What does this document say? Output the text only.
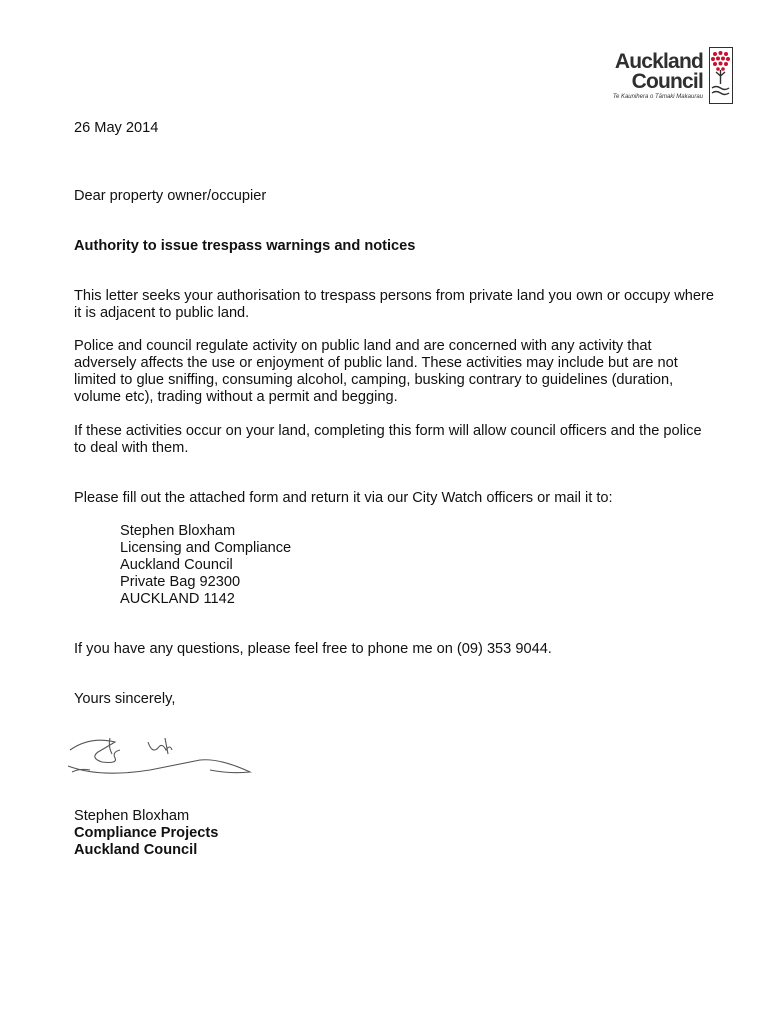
Auckland
Council
Te Kaunihera o Tāmaki Makaurau
26 May 2014
Dear property owner/occupier
Authority to issue trespass warnings and notices
This letter seeks your authorisation to trespass persons from private land you own or occupy where it is adjacent to public land.
Police and council regulate activity on public land and are concerned with any activity that adversely affects the use or enjoyment of public land. These activities may include but are not limited to glue sniffing, consuming alcohol, camping, busking contrary to guidelines (duration, volume etc), trading without a permit and begging.
If these activities occur on your land, completing this form will allow council officers and the police to deal with them.
Please fill out the attached form and return it via our City Watch officers or mail it to:
Stephen Bloxham
Licensing and Compliance
Auckland Council
Private Bag 92300
AUCKLAND 1142
If you have any questions, please feel free to phone me on (09) 353 9044.
Yours sincerely,
Stephen Bloxham
Compliance Projects
Auckland Council
